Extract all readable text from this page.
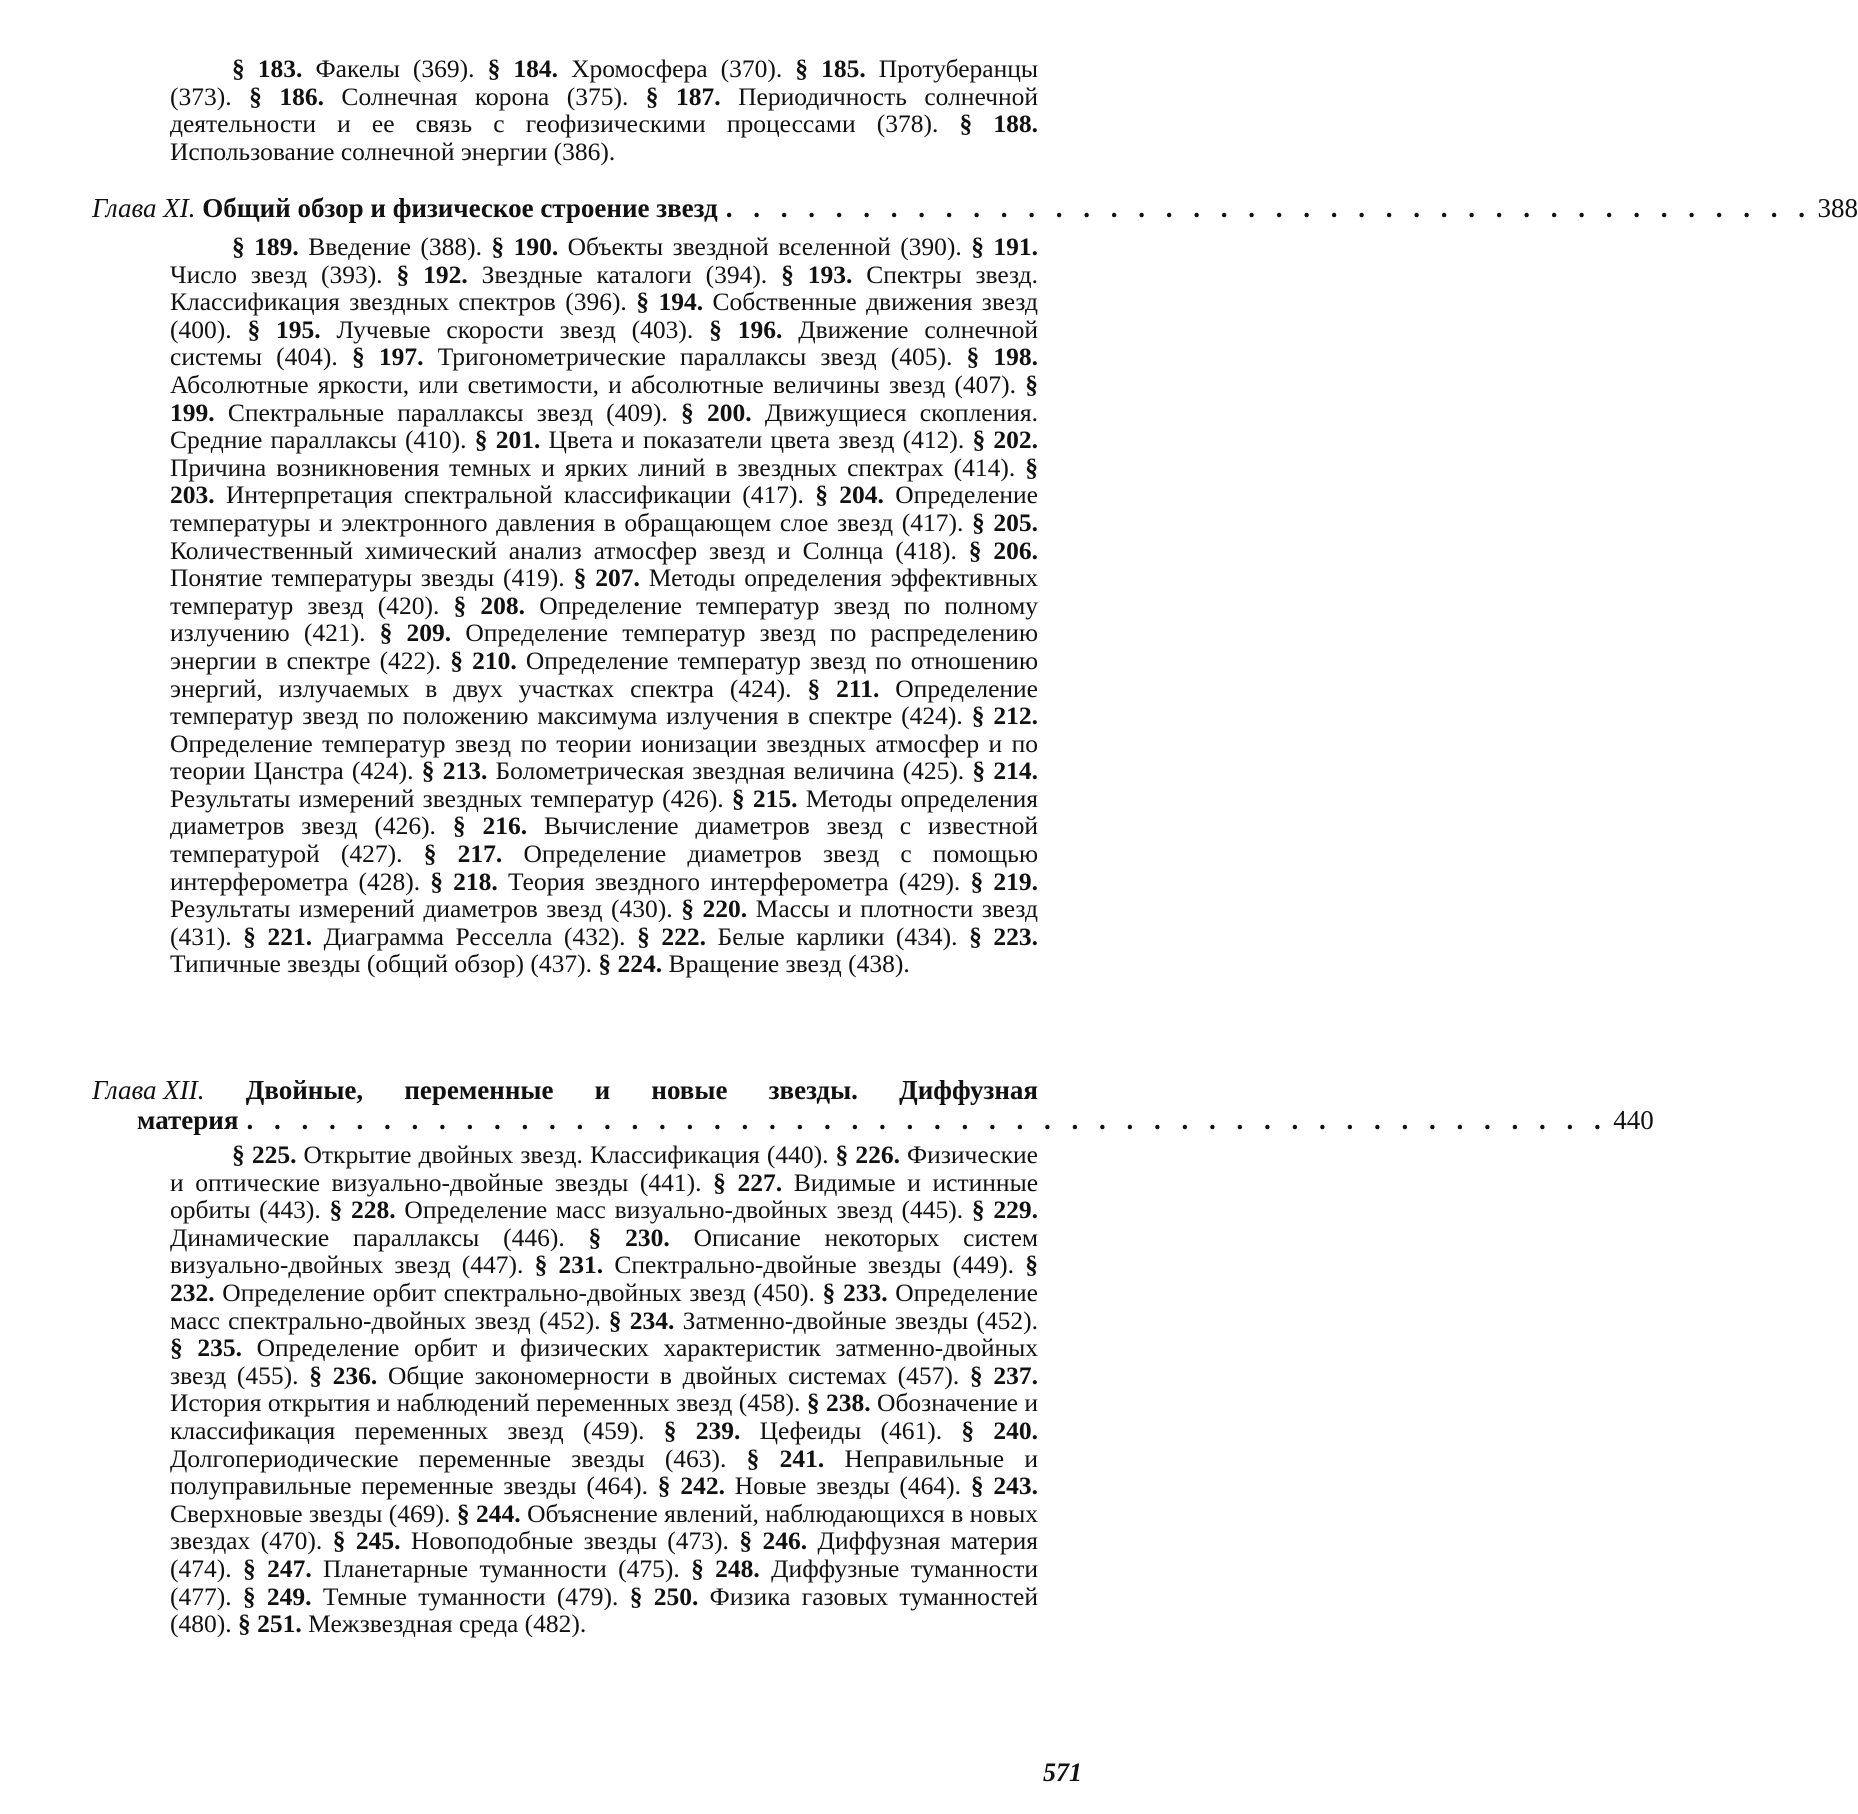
§ 183. Факелы (369). § 184. Хромосфера (370). § 185. Протуберанцы (373). § 186. Солнечная корона (375). § 187. Периодичность солнечной деятельности и ее связь с геофизическими процессами (378). § 188. Использование солнечной энергии (386).

Глава XI.
Общий обзор и физическое строение звезд . . . . . . . . . . . . . . . . . . . . . . . . . . . . . . . . . . . . . . . . 388

§ 189. Введение (388). § 190. Объекты звездной вселенной (390). § 191. Число звезд (393). § 192. Звездные каталоги (394). § 193. Спектры звезд. Классификация звездных спектров (396). § 194. Собственные движения звезд (400). § 195. Лучевые скорости звезд (403). § 196. Движение солнечной системы (404). § 197. Тригонометрические параллаксы звезд (405). § 198. Абсолютные яркости, или светимости, и абсолютные величины звезд (407). § 199. Спектральные параллаксы звезд (409). § 200. Движущиеся скопления. Средние параллаксы (410). § 201. Цвета и показатели цвета звезд (412). § 202. Причина возникновения темных и ярких линий в звездных спектрах (414). § 203. Интерпретация спектральной классификации (417). § 204. Определение температуры и электронного давления в обращающем слое звезд (417). § 205. Количественный химический анализ атмосфер звезд и Солнца (418). § 206. Понятие температуры звезды (419). § 207. Методы определения эффективных температур звезд (420). § 208. Определение температур звезд по полному излучению (421). § 209. Определение температур звезд по распределению энергии в спектре (422). § 210. Определение температур звезд по отношению энергий, излучаемых в двух участках спектра (424). § 211. Определение температур звезд по положению максимума излучения в спектре (424). § 212. Определение температур звезд по теории ионизации звездных атмосфер и по теории Цанстра (424). § 213. Болометрическая звездная величина (425). § 214. Результаты измерений звездных температур (426). § 215. Методы определения диаметров звезд (426). § 216. Вычисление диаметров звезд с известной температурой (427). § 217. Определение диаметров звезд с помощью интерферометра (428). § 218. Теория звездного интерферометра (429). § 219. Результаты измерений диаметров звезд (430). § 220. Массы и плотности звезд (431). § 221. Диаграмма Ресселла (432). § 222. Белые карлики (434). § 223. Типичные звезды (общий обзор) (437). § 224. Вращение звезд (438).

Глава XII. Двойные, переменные и новые звезды. Диффузная
материя . . . . . . . . . . . . . . . . . . . . . . . . . . . . . . . . . . . . . . . . . . . . . . . . . . 440

§ 225. Открытие двойных звезд. Классификация (440). § 226. Физические и оптические визуально-двойные звезды (441). § 227. Видимые и истинные орбиты (443). § 228. Определение масс визуально-двойных звезд (445). § 229. Динамические параллаксы (446). § 230. Описание некоторых систем визуально-двойных звезд (447). § 231. Спектрально-двойные звезды (449). § 232. Определение орбит спектрально-двойных звезд (450). § 233. Определение масс спектрально-двойных звезд (452). § 234. Затменно-двойные звезды (452). § 235. Определение орбит и физических характеристик затменно-двойных звезд (455). § 236. Общие закономерности в двойных системах (457). § 237. История открытия и наблюдений переменных звезд (458). § 238. Обозначение и классификация переменных звезд (459). § 239. Цефеиды (461). § 240. Долгопериодические переменные звезды (463). § 241. Неправильные и полуправильные переменные звезды (464). § 242. Новые звезды (464). § 243. Сверхновые звезды (469). § 244. Объяснение явлений, наблюдающихся в новых звездах (470). § 245. Новоподобные звезды (473). § 246. Диффузная материя (474). § 247. Планетарные туманности (475). § 248. Диффузные туманности (477). § 249. Темные туманности (479). § 250. Физика газовых туманностей (480). § 251. Межзвездная среда (482).

571
